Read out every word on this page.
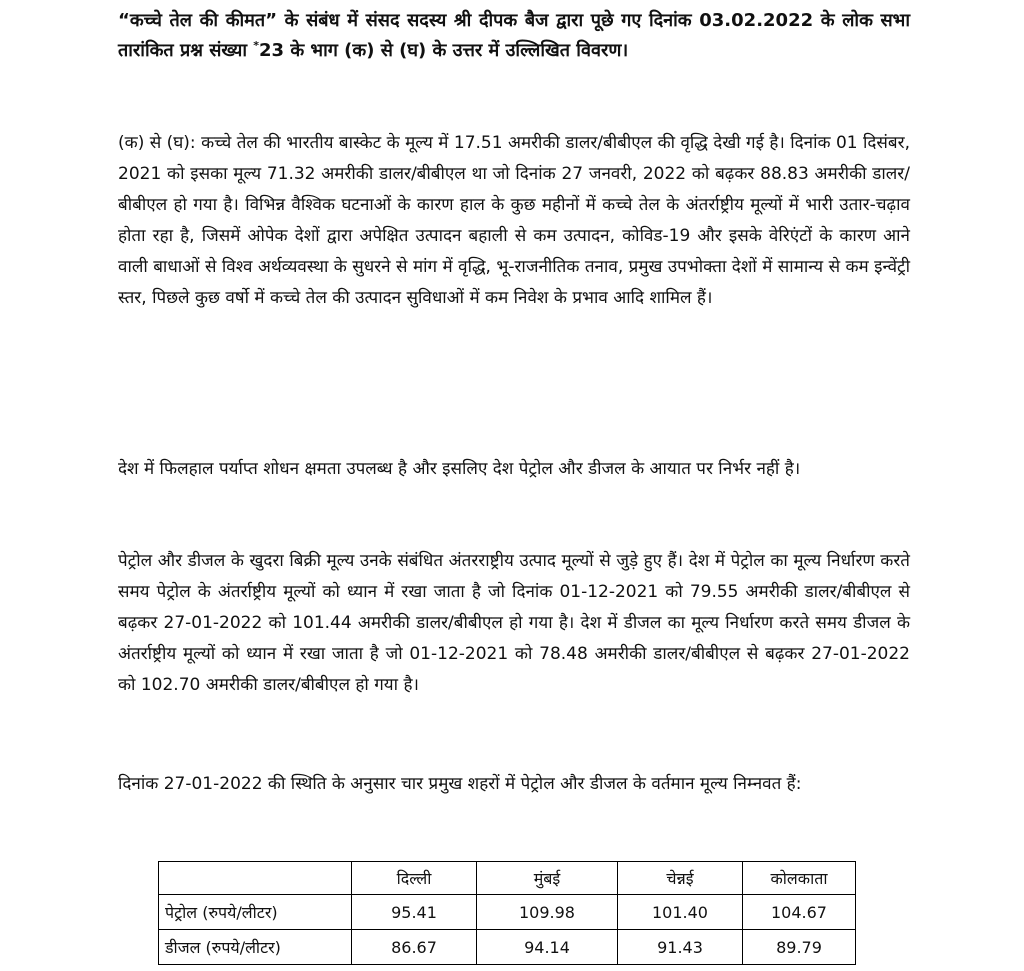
“कच्चे तेल की कीमत” के संबंध में संसद सदस्य श्री दीपक बैज द्वारा पूछे गए दिनांक 03.02.2022 के लोक सभा तारांकित प्रश्न संख्या *23 के भाग (क) से (घ) के उत्तर में उल्लिखित विवरण।

(क) से (घ): कच्चे तेल की भारतीय बास्केट के मूल्य में 17.51 अमरीकी डालर/बीबीएल की वृद्धि देखी गई है। दिनांक 01 दिसंबर, 2021 को इसका मूल्य 71.32 अमरीकी डालर/बीबीएल था जो दिनांक 27 जनवरी, 2022 को बढ़कर 88.83 अमरीकी डालर/बीबीएल हो गया है। विभिन्न वैश्विक घटनाओं के कारण हाल के कुछ महीनों में कच्चे तेल के अंतर्राष्ट्रीय मूल्यों में भारी उतार-चढ़ाव होता रहा है, जिसमें ओपेक देशों द्वारा अपेक्षित उत्पादन बहाली से कम उत्पादन, कोविड-19 और इसके वेरिएंटों के कारण आने वाली बाधाओं से विश्व अर्थव्यवस्था के सुधरने से मांग में वृद्धि, भू-राजनीतिक तनाव, प्रमुख उपभोक्ता देशों में सामान्य से कम इन्वेंट्री स्तर, पिछले कुछ वर्षो में कच्चे तेल की उत्पादन सुविधाओं में कम निवेश के प्रभाव आदि शामिल हैं।

देश में फिलहाल पर्याप्त शोधन क्षमता उपलब्ध है और इसलिए देश पेट्रोल और डीजल के आयात पर निर्भर नहीं है।

पेट्रोल और डीजल के खुदरा बिक्री मूल्य उनके संबंधित अंतरराष्ट्रीय उत्पाद मूल्यों से जुड़े हुए हैं। देश में पेट्रोल का मूल्य निर्धारण करते समय पेट्रोल के अंतर्राष्ट्रीय मूल्यों को ध्यान में रखा जाता है जो दिनांक 01-12-2021 को 79.55 अमरीकी डालर/बीबीएल से बढ़कर 27-01-2022 को 101.44 अमरीकी डालर/बीबीएल हो गया है। देश में डीजल का मूल्य निर्धारण करते समय डीजल के अंतर्राष्ट्रीय मूल्यों को ध्यान में रखा जाता है जो 01-12-2021 को 78.48 अमरीकी डालर/बीबीएल से बढ़कर 27-01-2022 को 102.70 अमरीकी डालर/बीबीएल हो गया है।

दिनांक 27-01-2022 की स्थिति के अनुसार चार प्रमुख शहरों में पेट्रोल और डीजल के वर्तमान मूल्य निम्नवत हैं:

	दिल्ली	मुंबई	चेन्नई	कोलकाता
पेट्रोल (रुपये/लीटर)	95.41	109.98	101.40	104.67
डीजल (रुपये/लीटर)	86.67	94.14	91.43	89.79
